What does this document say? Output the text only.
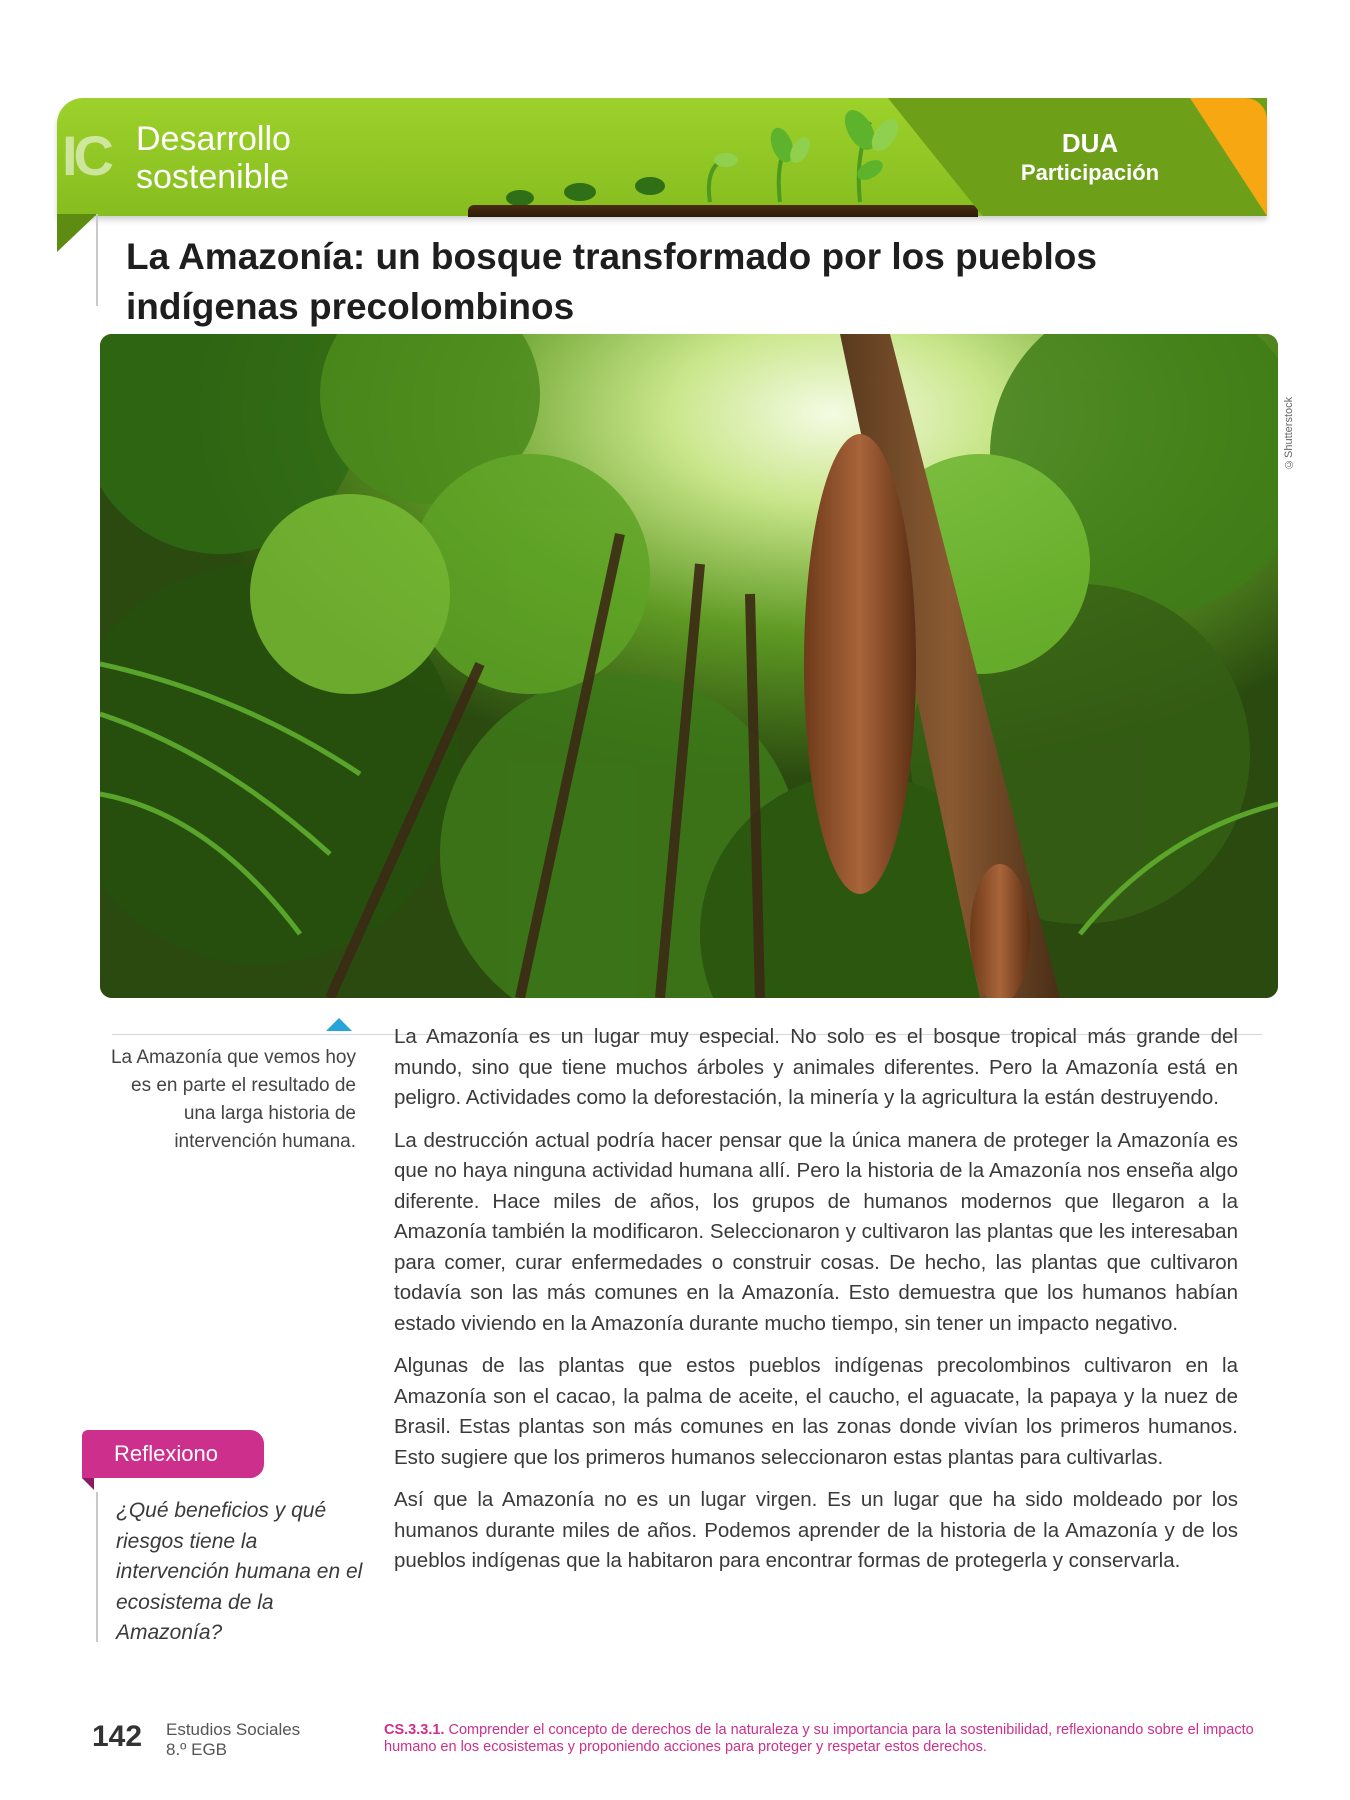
IC Desarrollo
sostenible
DUA
Participación
La Amazonía: un bosque transformado por los pueblos
indígenas precolombinos
©Shutterstock
La Amazonía que vemos hoy es en parte el resultado de una larga historia de intervención humana.

La Amazonía es un lugar muy especial. No solo es el bosque tropical más grande del mundo, sino que tiene muchos árboles y animales diferentes. Pero la Amazonía está en peligro. Actividades como la deforestación, la minería y la agricultura la están destruyendo.

La destrucción actual podría hacer pensar que la única manera de proteger la Amazonía es que no haya ninguna actividad humana allí. Pero la historia de la Amazonía nos enseña algo diferente. Hace miles de años, los grupos de humanos modernos que llegaron a la Amazonía también la modificaron. Seleccionaron y cultivaron las plantas que les interesaban para comer, curar enfermedades o construir cosas. De hecho, las plantas que cultivaron todavía son las más comunes en la Amazonía. Esto demuestra que los humanos habían estado viviendo en la Amazonía durante mucho tiempo, sin tener un impacto negativo.

Algunas de las plantas que estos pueblos indígenas precolombinos cultivaron en la Amazonía son el cacao, la palma de aceite, el caucho, el aguacate, la papaya y la nuez de Brasil. Estas plantas son más comunes en las zonas donde vivían los primeros humanos. Esto sugiere que los primeros humanos seleccionaron estas plantas para cultivarlas.

Así que la Amazonía no es un lugar virgen. Es un lugar que ha sido moldeado por los humanos durante miles de años. Podemos aprender de la historia de la Amazonía y de los pueblos indígenas que la habitaron para encontrar formas de protegerla y conservarla.

Reflexiono
¿Qué beneficios y qué riesgos tiene la intervención humana en el ecosistema de la Amazonía?
142 Estudios Sociales
8.º EGB
CS.3.3.1. Comprender el concepto de derechos de la naturaleza y su importancia para la sostenibilidad, reflexionando sobre el impacto humano en los ecosistemas y proponiendo acciones para proteger y respetar estos derechos.
